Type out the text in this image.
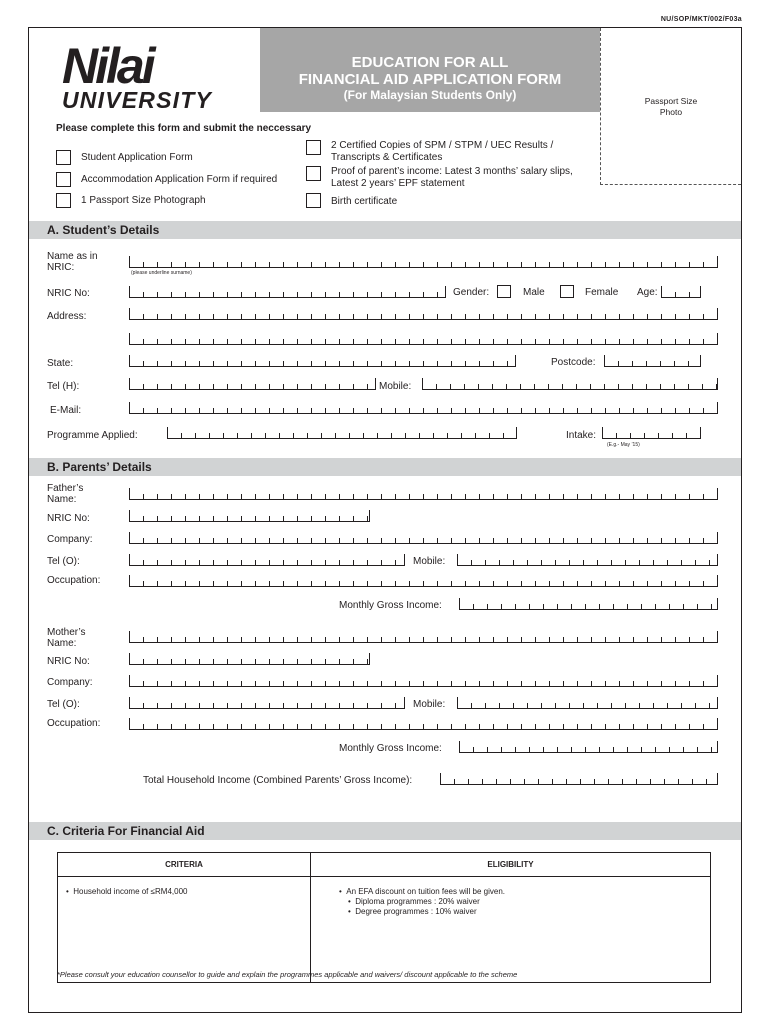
NU/SOP/MKT/002/F03a
Nilai
UNIVERSITY
EDUCATION FOR ALL
FINANCIAL AID APPLICATION FORM
(For Malaysian Students Only)	Passport Size
Photo
Please complete this form and submit the neccessary
Student Application Form
Accommodation Application Form if required
1 Passport Size Photograph
2 Certified Copies of SPM / STPM / UEC Results /
Transcripts & Certificates
Proof of parent’s income: Latest 3 months’ salary slips,
Latest 2 years’ EPF statement
Birth certificate
A. Student’s Details
Name as in
NRIC:	(please underline surname)
NRIC No:	Gender:	Male	Female Age:
Address:
State:	Postcode:
Tel (H):	Mobile:
E-Mail:
Programme Applied:	Intake:
(E.g.- May ’15)
B. Parents’ Details
Father’s
Name:
NRIC No:
Company:
Tel (O):	Mobile:
Occupation:
Monthly Gross Income:
Mother’s
Name:
NRIC No:
Company:
Tel (O):	Mobile:
Occupation:
Monthly Gross Income:
Total Household Income (Combined Parents’ Gross Income):
C. Criteria For Financial Aid
CRITERIA	ELIGIBILITY
•  Household income of ≤RM4,000	•  An EFA discount on tuition fees will be given.
•  Diploma programmes : 20% waiver
•  Degree programmes : 10% waiver
*Please consult your education counsellor to guide and explain the programmes applicable and waivers/ discount applicable to the scheme
